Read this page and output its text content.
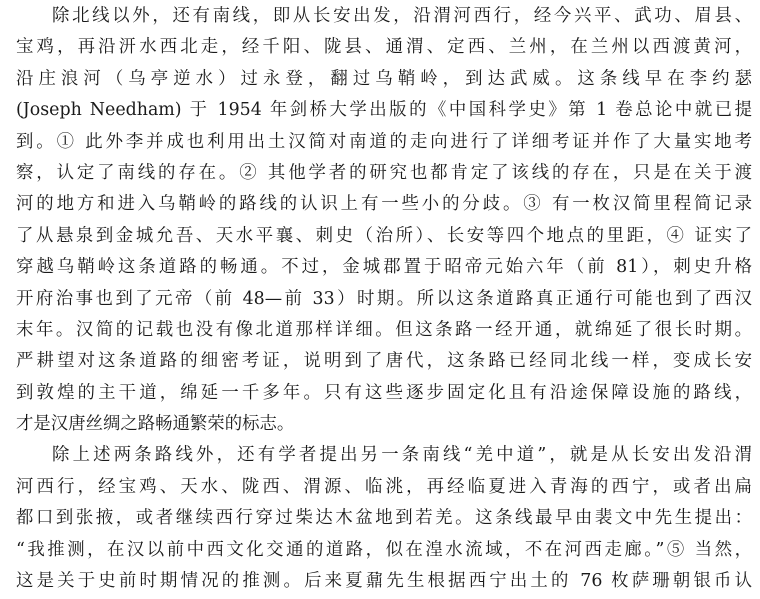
除北线以外，还有南线，即从长安出发，沿渭河西行，经今兴平、武功、眉县、
宝鸡，再沿汧水西北走，经千阳、陇县、通渭、定西、兰州，在兰州以西渡黄河，
沿庄浪河（乌亭逆水）过永登，翻过乌鞘岭，到达武威。这条线早在李约瑟
(Joseph Needham) 于 1954 年剑桥大学出版的《中国科学史》第 1 卷总论中就已提
到。① 此外李并成也利用出土汉简对南道的走向进行了详细考证并作了大量实地考
察，认定了南线的存在。② 其他学者的研究也都肯定了该线的存在，只是在关于渡
河的地方和进入乌鞘岭的路线的认识上有一些小的分歧。③ 有一枚汉简里程简记录
了从悬泉到金城允吾、天水平襄、刺史（治所）、长安等四个地点的里距，④ 证实了
穿越乌鞘岭这条道路的畅通。不过，金城郡置于昭帝元始六年（前 81），刺史升格
开府治事也到了元帝（前 48—前 33）时期。所以这条道路真正通行可能也到了西汉
末年。汉简的记载也没有像北道那样详细。但这条路一经开通，就绵延了很长时期。
严耕望对这条道路的细密考证，说明到了唐代，这条路已经同北线一样，变成长安
到敦煌的主干道，绵延一千多年。只有这些逐步固定化且有沿途保障设施的路线，
才是汉唐丝绸之路畅通繁荣的标志。
除上述两条路线外，还有学者提出另一条南线“羌中道”，就是从长安出发沿渭
河西行，经宝鸡、天水、陇西、渭源、临洮，再经临夏进入青海的西宁，或者出扁
都口到张掖，或者继续西行穿过柴达木盆地到若羌。这条线最早由裴文中先生提出：
“我推测，在汉以前中西文化交通的道路，似在湟水流域，不在河西走廊。”⑤ 当然，
这是关于史前时期情况的推测。后来夏鼐先生根据西宁出土的 76 枚萨珊朝银币认
